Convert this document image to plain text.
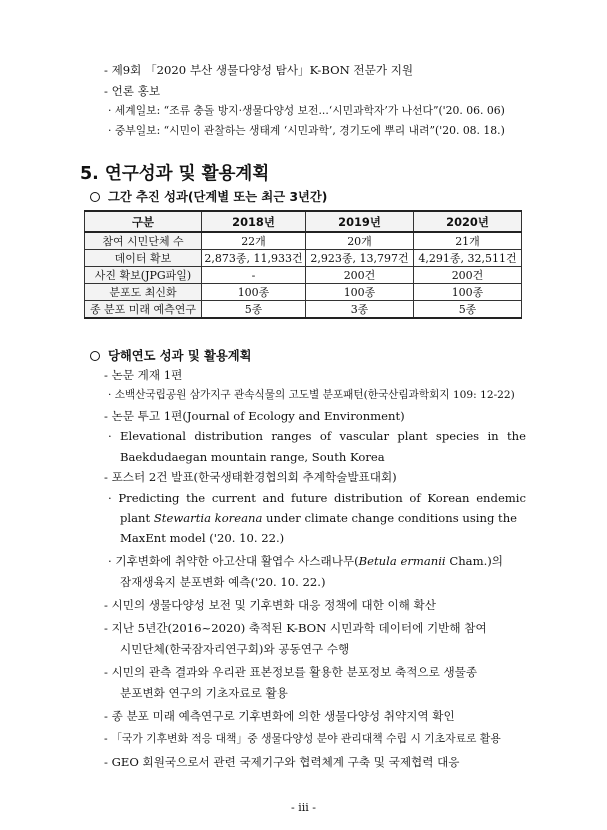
- 제9회 「2020 부산 생물다양성 탐사」K-BON 전문가 지원
- 언론 홍보
· 세계일보: “조류 충돌 방지·생물다양성 보전...‘시민과학자’가 나선다”('20. 06. 06)
· 중부일보: “시민이 관찰하는 생태계 ‘시민과학’, 경기도에 뿌리 내려”('20. 08. 18.)
5. 연구성과 및 활용계획
그간 추진 성과(단계별 또는 최근 3년간)
구분	2018년	2019년	2020년
참여 시민단체 수	22개	20개	21개
데이터 확보	2,873종, 11,933건	2,923종, 13,797건	4,291종, 32,511건
사진 확보(JPG파일)	-	200건	200건
분포도 최신화	100종	100종	100종
종 분포 미래 예측연구	5종	3종	5종
당해연도 성과 및 활용계획
- 논문 게재 1편
· 소백산국립공원 삼가지구 관속식물의 고도별 분포패턴(한국산림과학회지 109: 12-22)
- 논문 투고 1편(Journal of Ecology and Environment)
· Elevational distribution ranges of vascular plant species in the
Baekdudaegan mountain range, South Korea
- 포스터 2건 발표(한국생태환경협의회 추계학술발표대회)
· Predicting the current and future distribution of Korean endemic
plant Stewartia koreana under climate change conditions using the
MaxEnt model ('20. 10. 22.)
· 기후변화에 취약한 아고산대 활엽수 사스래나무(Betula ermanii Cham.)의
잠재생육지 분포변화 예측('20. 10. 22.)
- 시민의 생물다양성 보전 및 기후변화 대응 정책에 대한 이해 확산
- 지난 5년간(2016~2020) 축적된 K-BON 시민과학 데이터에 기반해 참여
시민단체(한국잠자리연구회)와 공동연구 수행
- 시민의 관측 결과와 우리관 표본정보를 활용한 분포정보 축적으로 생물종
분포변화 연구의 기초자료로 활용
- 종 분포 미래 예측연구로 기후변화에 의한 생물다양성 취약지역 확인
- 「국가 기후변화 적응 대책」중 생물다양성 분야 관리대책 수립 시 기초자료로 활용
- GEO 회원국으로서 관련 국제기구와 협력체계 구축 및 국제협력 대응
- iii -
